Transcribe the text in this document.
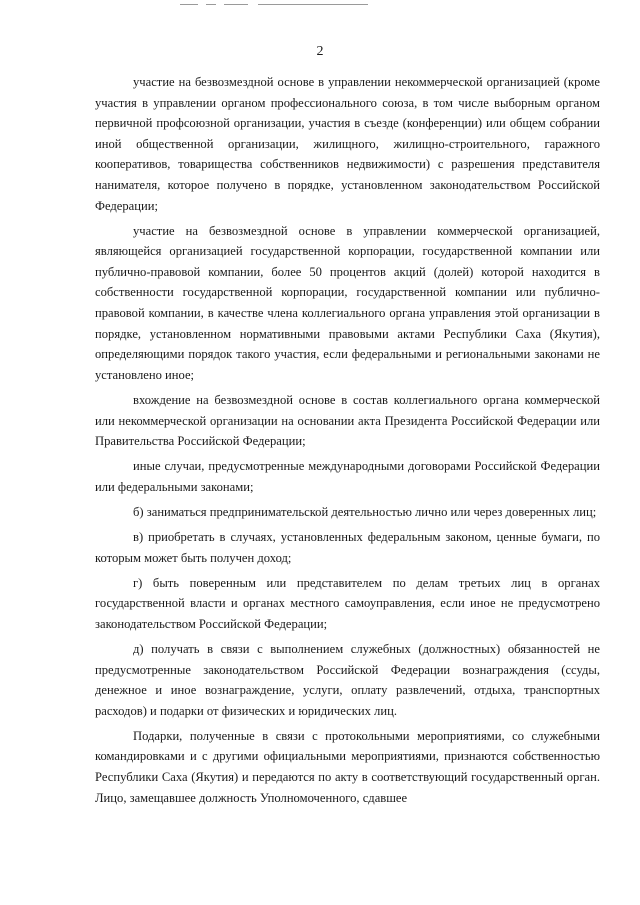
2

участие на безвозмездной основе в управлении некоммерческой организацией (кроме участия в управлении органом профессионального союза, в том числе выборным органом первичной профсоюзной организации, участия в съезде (конференции) или общем собрании иной общественной организации, жилищного, жилищно-строительного, гаражного кооперативов, товарищества собственников недвижимости) с разрешения представителя нанимателя, которое получено в порядке, установленном законодательством Российской Федерации;

участие на безвозмездной основе в управлении коммерческой организацией, являющейся организацией государственной корпорации, государственной компании или публично-правовой компании, более 50 процентов акций (долей) которой находится в собственности государственной корпорации, государственной компании или публично-правовой компании, в качестве члена коллегиального органа управления этой организации в порядке, установленном нормативными правовыми актами Республики Саха (Якутия), определяющими порядок такого участия, если федеральными и региональными законами не установлено иное;

вхождение на безвозмездной основе в состав коллегиального органа коммерческой или некоммерческой организации на основании акта Президента Российской Федерации или Правительства Российской Федерации;

иные случаи, предусмотренные международными договорами Российской Федерации или федеральными законами;

б) заниматься предпринимательской деятельностью лично или через доверенных лиц;

в) приобретать в случаях, установленных федеральным законом, ценные бумаги, по которым может быть получен доход;

г) быть поверенным или представителем по делам третьих лиц в органах государственной власти и органах местного самоуправления, если иное не предусмотрено законодательством Российской Федерации;

д) получать в связи с выполнением служебных (должностных) обязанностей не предусмотренные законодательством Российской Федерации вознаграждения (ссуды, денежное и иное вознаграждение, услуги, оплату развлечений, отдыха, транспортных расходов) и подарки от физических и юридических лиц.

Подарки, полученные в связи с протокольными мероприятиями, со служебными командировками и с другими официальными мероприятиями, признаются собственностью Республики Саха (Якутия) и передаются по акту в соответствующий государственный орган. Лицо, замещавшее должность Уполномоченного, сдавшее
